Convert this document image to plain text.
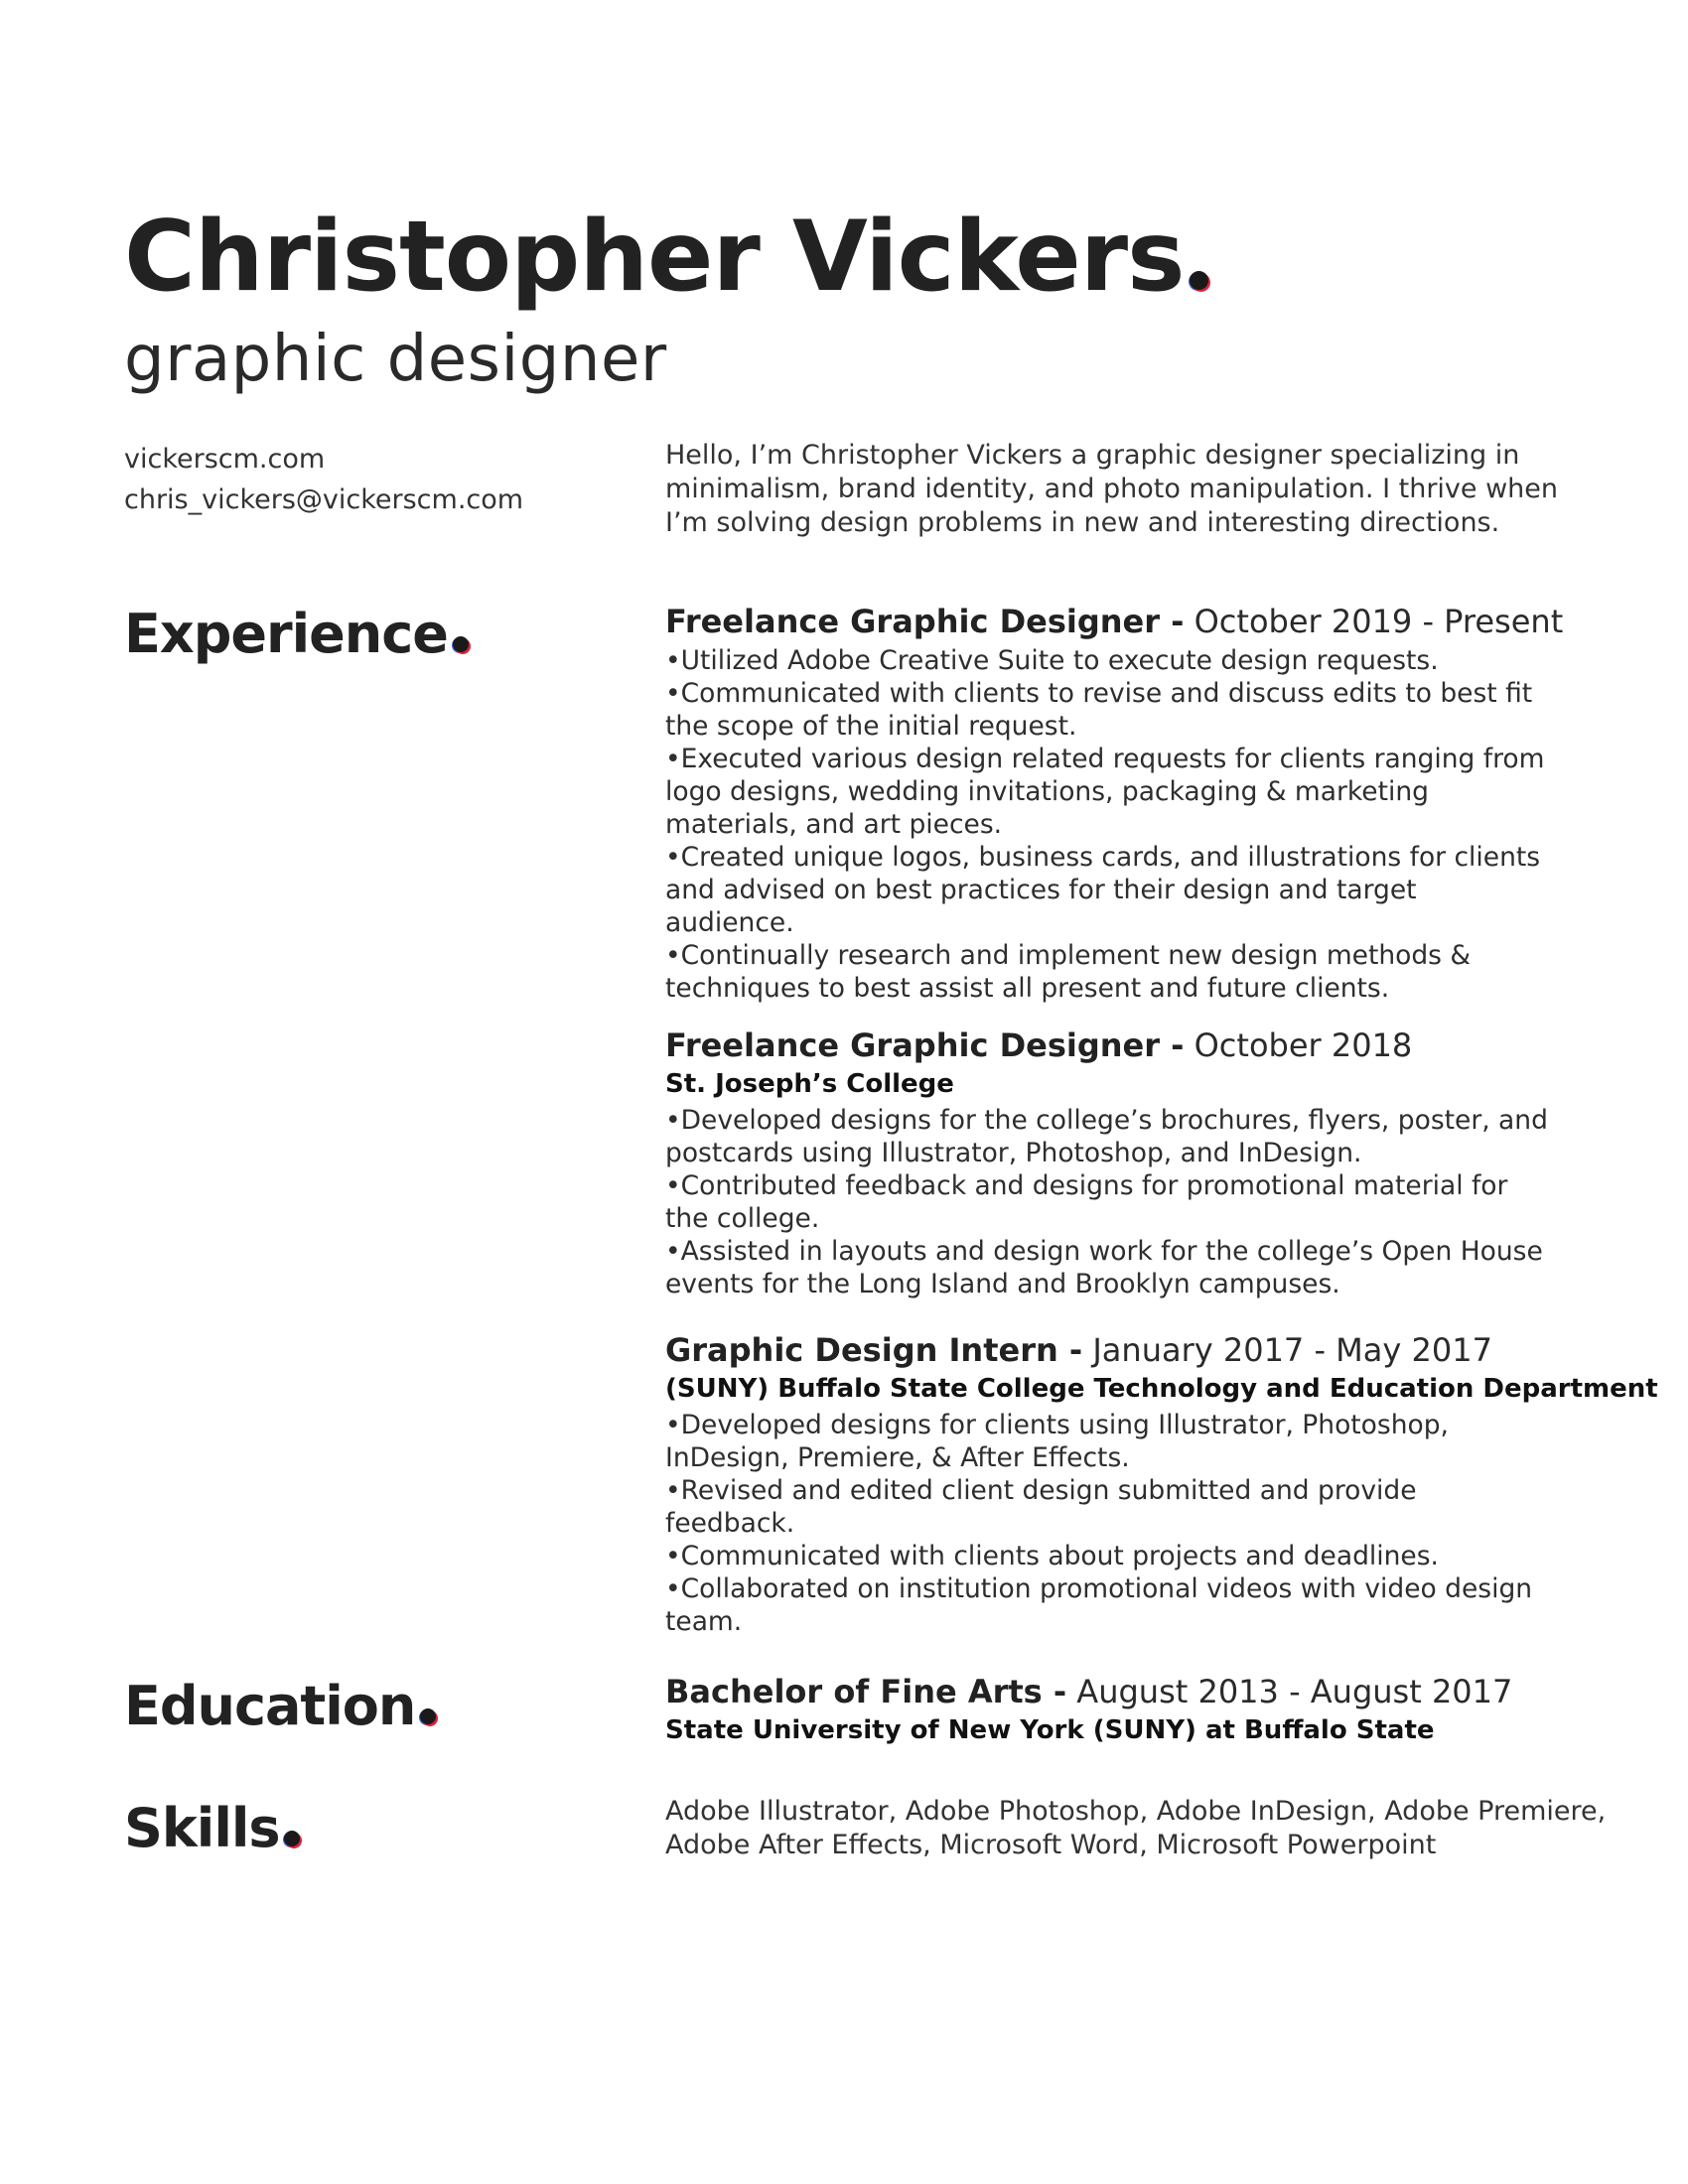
Christopher Vickers
graphic designer
vickerscm.com
chris_vickers@vickerscm.com
Hello, I’m Christopher Vickers a graphic designer specializing in minimalism, brand identity, and photo manipulation. I thrive when I’m solving design problems in new and interesting directions.
Experience	Freelance Graphic Designer - October 2019 - Present
•Utilized Adobe Creative Suite to execute design requests.
•Communicated with clients to revise and discuss edits to best fit the scope of the initial request.
•Executed various design related requests for clients ranging from logo designs, wedding invitations, packaging & marketing materials, and art pieces.
•Created unique logos, business cards, and illustrations for clients and advised on best practices for their design and target audience.
•Continually research and implement new design methods & techniques to best assist all present and future clients.
Freelance Graphic Designer - October 2018
St. Joseph’s College
•Developed designs for the college’s brochures, flyers, poster, and postcards using Illustrator, Photoshop, and InDesign.
•Contributed feedback and designs for promotional material for the college.
•Assisted in layouts and design work for the college’s Open House events for the Long Island and Brooklyn campuses.
Graphic Design Intern - January 2017 - May 2017
(SUNY) Buffalo State College Technology and Education Department
•Developed designs for clients using Illustrator, Photoshop, InDesign, Premiere, & After Effects.
•Revised and edited client design submitted and provide feedback.
•Communicated with clients about projects and deadlines.
•Collaborated on institution promotional videos with video design team.
Education	Bachelor of Fine Arts - August 2013 - August 2017
State University of New York (SUNY) at Buffalo State
Skills	Adobe Illustrator, Adobe Photoshop, Adobe InDesign, Adobe Premiere, Adobe After Effects, Microsoft Word, Microsoft Powerpoint
